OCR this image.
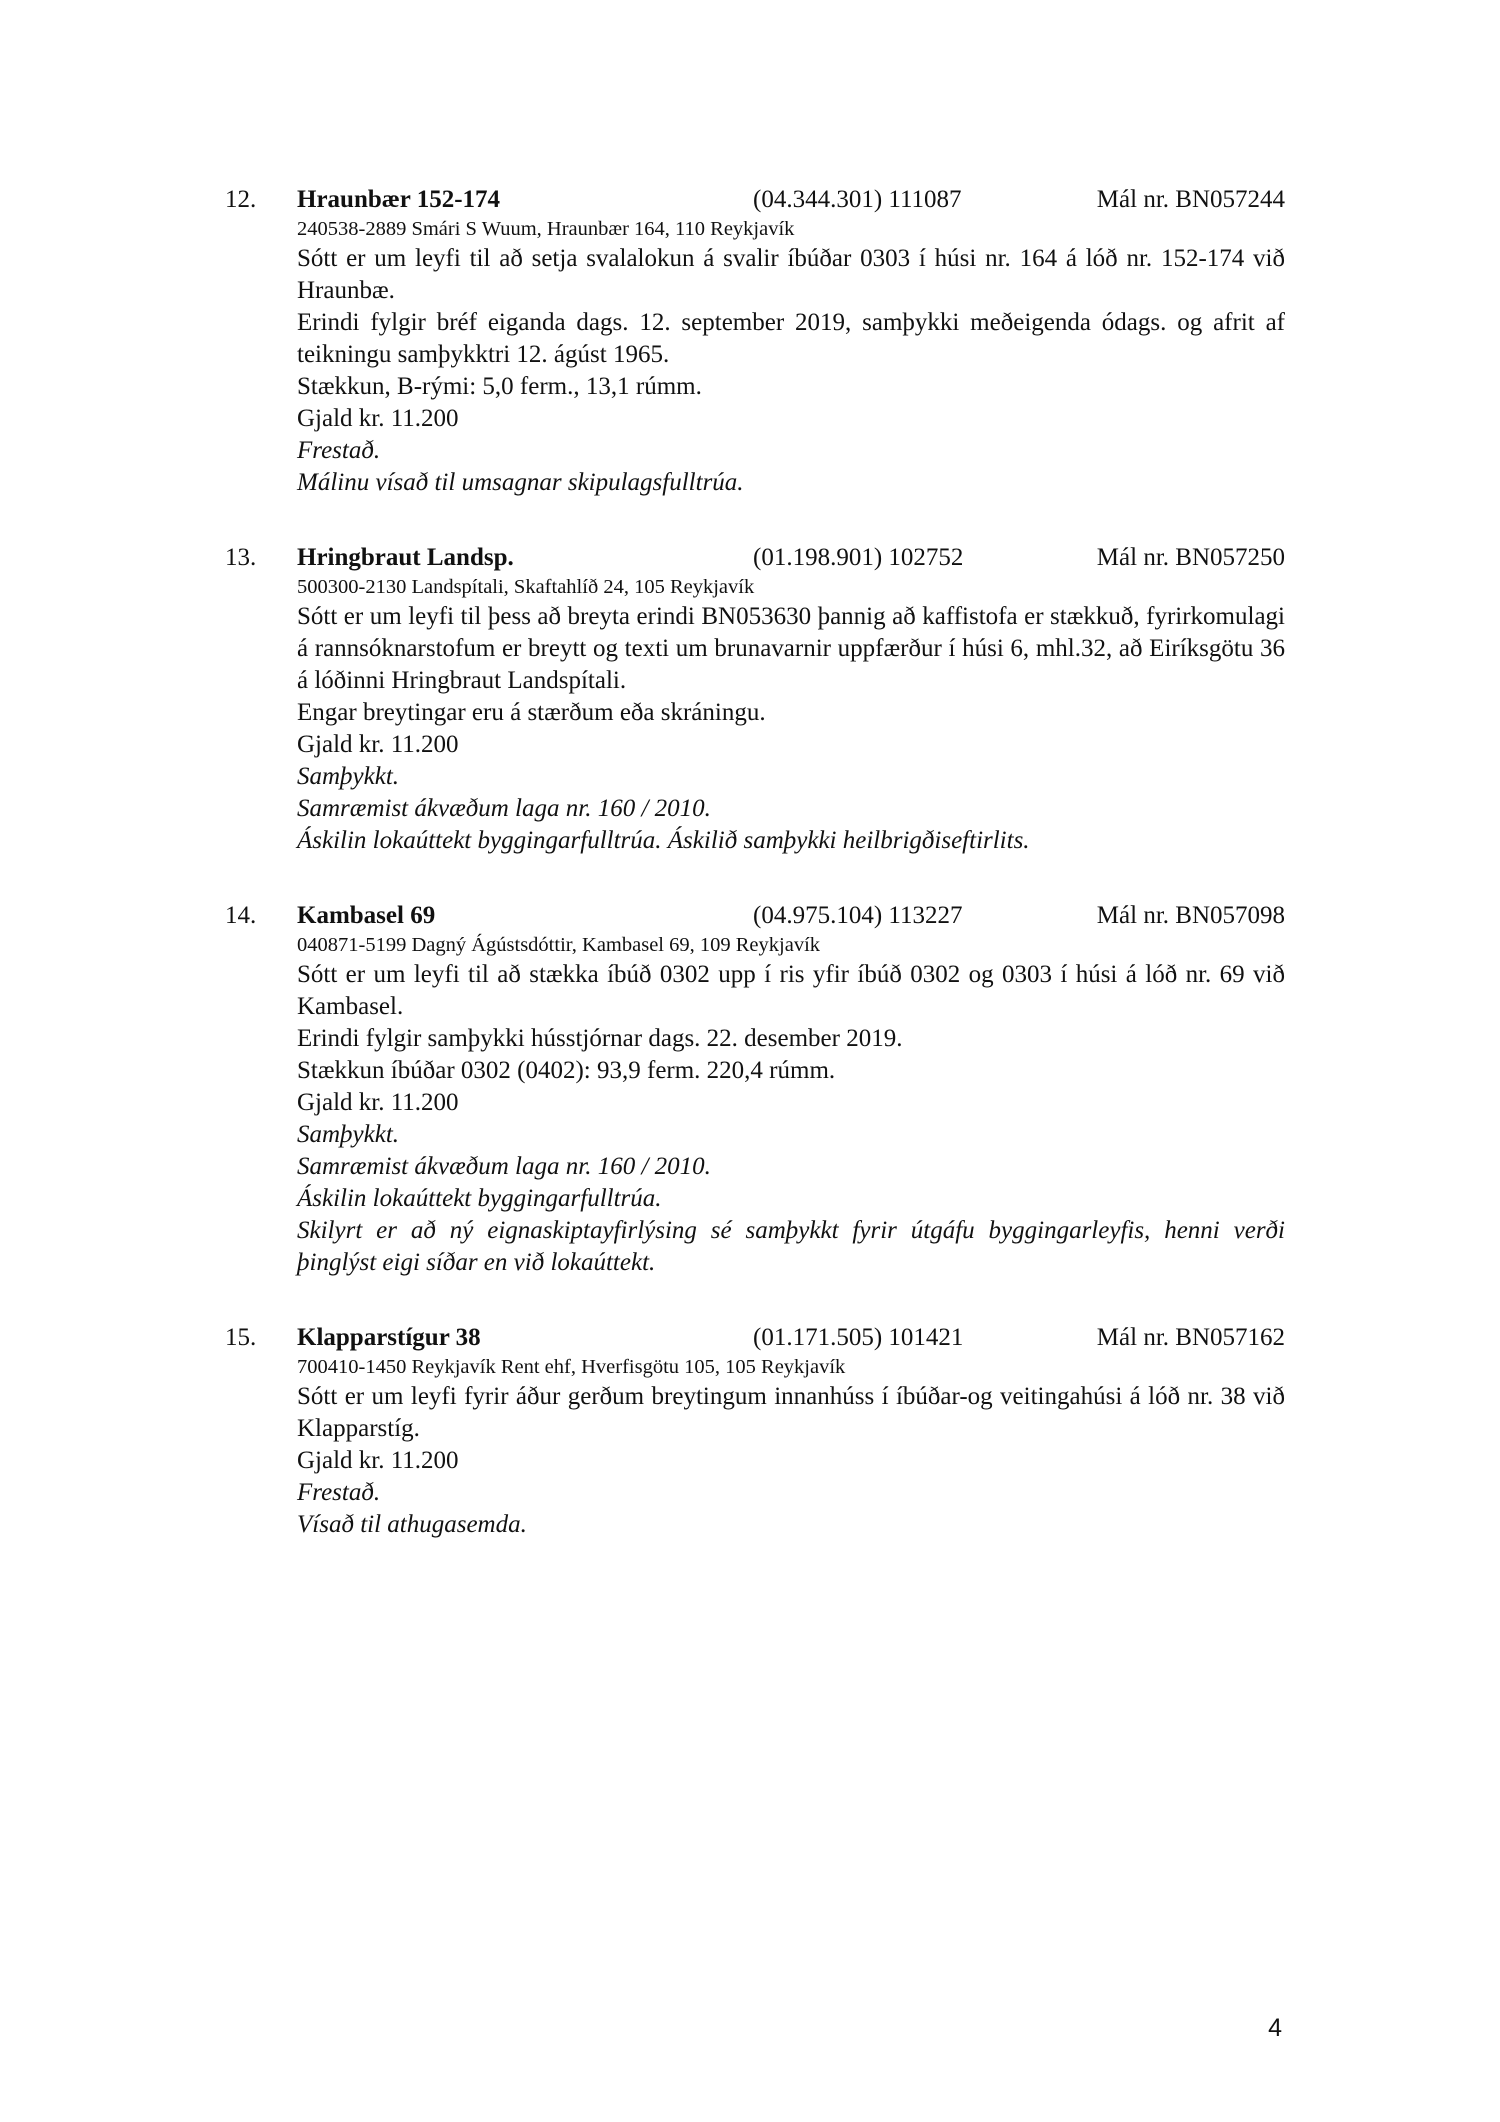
12. Hraunbær 152-174	(04.344.301) 111087	Mál nr. BN057244
240538-2889 Smári S Wuum, Hraunbær 164, 110 Reykjavík
Sótt er um leyfi til að setja svalalokun á svalir íbúðar 0303 í húsi nr. 164 á lóð nr. 152-174 við Hraunbæ.
Erindi fylgir bréf eiganda dags. 12. september 2019, samþykki meðeigenda ódags. og afrit af teikningu samþykktri 12. ágúst 1965.
Stækkun, B-rými: 5,0 ferm., 13,1 rúmm.
Gjald kr. 11.200
Frestað.
Málinu vísað til umsagnar skipulagsfulltrúa.
13. Hringbraut Landsp.	(01.198.901) 102752	Mál nr. BN057250
500300-2130 Landspítali, Skaftahlíð 24, 105 Reykjavík
Sótt er um leyfi til þess að breyta erindi BN053630 þannig að kaffistofa er stækkuð, fyrirkomulagi á rannsóknarstofum er breytt og texti um brunavarnir uppfærður í húsi 6, mhl.32, að Eiríksgötu 36 á lóðinni Hringbraut Landspítali.
Engar breytingar eru á stærðum eða skráningu.
Gjald kr. 11.200
Samþykkt.
Samræmist ákvæðum laga nr. 160 / 2010.
Áskilin lokaúttekt byggingarfulltrúa. Áskilið samþykki heilbrigðiseftirlits.
14. Kambasel 69	(04.975.104) 113227	Mál nr. BN057098
040871-5199 Dagný Ágústsdóttir, Kambasel 69, 109 Reykjavík
Sótt er um leyfi til að stækka íbúð 0302 upp í ris yfir íbúð 0302 og 0303 í húsi á lóð nr. 69 við Kambasel.
Erindi fylgir samþykki hússtjórnar dags. 22. desember 2019.
Stækkun íbúðar 0302 (0402): 93,9 ferm. 220,4 rúmm.
Gjald kr. 11.200
Samþykkt.
Samræmist ákvæðum laga nr. 160 / 2010.
Áskilin lokaúttekt byggingarfulltrúa.
Skilyrt er að ný eignaskiptayfirlýsing sé samþykkt fyrir útgáfu byggingarleyfis, henni verði þinglýst eigi síðar en við lokaúttekt.
15. Klapparstígur 38	(01.171.505) 101421	Mál nr. BN057162
700410-1450 Reykjavík Rent ehf, Hverfisgötu 105, 105 Reykjavík
Sótt er um leyfi fyrir áður gerðum breytingum innanhúss í íbúðar-og veitingahúsi á lóð nr. 38 við Klapparstíg.
Gjald kr. 11.200
Frestað.
Vísað til athugasemda.
4
